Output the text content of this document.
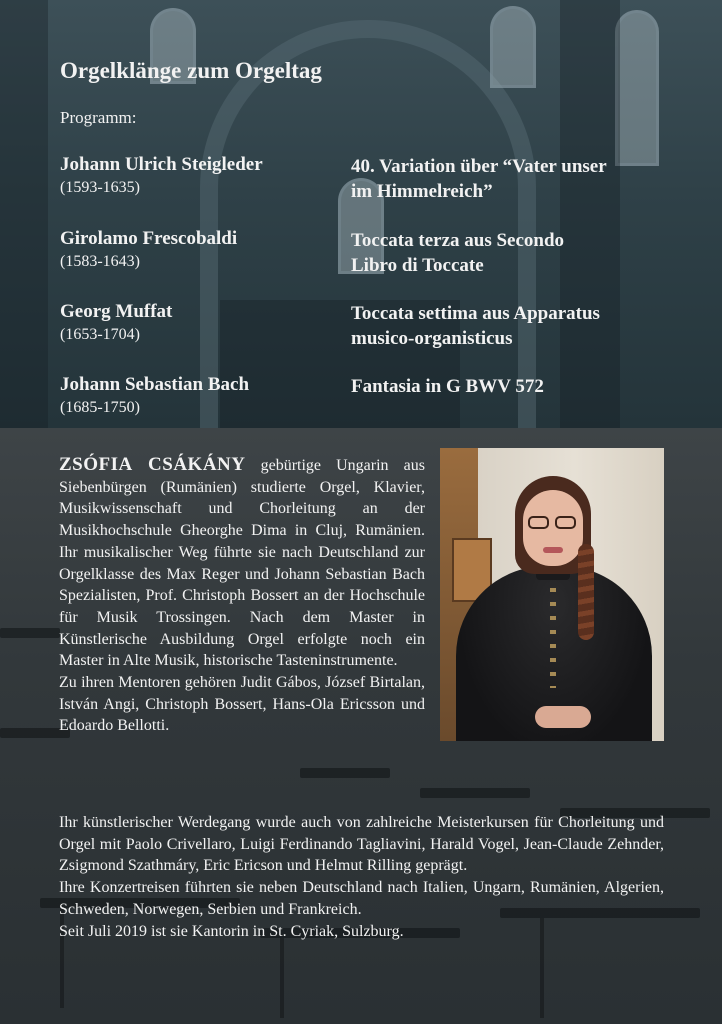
Orgelklänge zum Orgeltag
Programm:
Johann Ulrich Steigleder
(1593-1635)
40. Variation über “Vater unser
im Himmelreich”
Girolamo Frescobaldi
(1583-1643)
Toccata terza aus Secondo
Libro di Toccate
Georg Muffat
(1653-1704)
Toccata settima aus Apparatus
musico-organisticus
Johann Sebastian Bach
(1685-1750)
Fantasia in G BWV 572

ZSÓFIA CSÁKÁNY gebürtige Ungarin aus Siebenbürgen (Rumänien) studierte Orgel, Klavier, Musikwissenschaft und Chorleitung an der Musikhochschule Gheorghe Dima in Cluj, Rumänien. Ihr musikalischer Weg führte sie nach Deutschland zur Orgelklasse des Max Reger und Johann Sebastian Bach Spezialisten, Prof. Christoph Bossert an der Hochschule für Musik Trossingen. Nach dem Master in Künstlerische Ausbildung Orgel erfolgte noch ein Master in Alte Musik, historische Tasteninstrumente.

Zu ihren Mentoren gehören Judit Gábos, József Birtalan, István Angi, Christoph Bossert, Hans-Ola Ericsson und Edoardo Bellotti.

Ihr künstlerischer Werdegang wurde auch von zahlreiche Meisterkursen für Chorleitung und Orgel mit Paolo Crivellaro, Luigi Ferdinando Tagliavini, Harald Vogel, Jean-Claude Zehnder, Zsigmond Szathmáry, Eric Ericson und Helmut Rilling geprägt.

Ihre Konzertreisen führten sie neben Deutschland nach Italien, Ungarn, Rumänien, Algerien, Schweden, Norwegen, Serbien und Frankreich.

Seit Juli 2019 ist sie Kantorin in St. Cyriak, Sulzburg.
